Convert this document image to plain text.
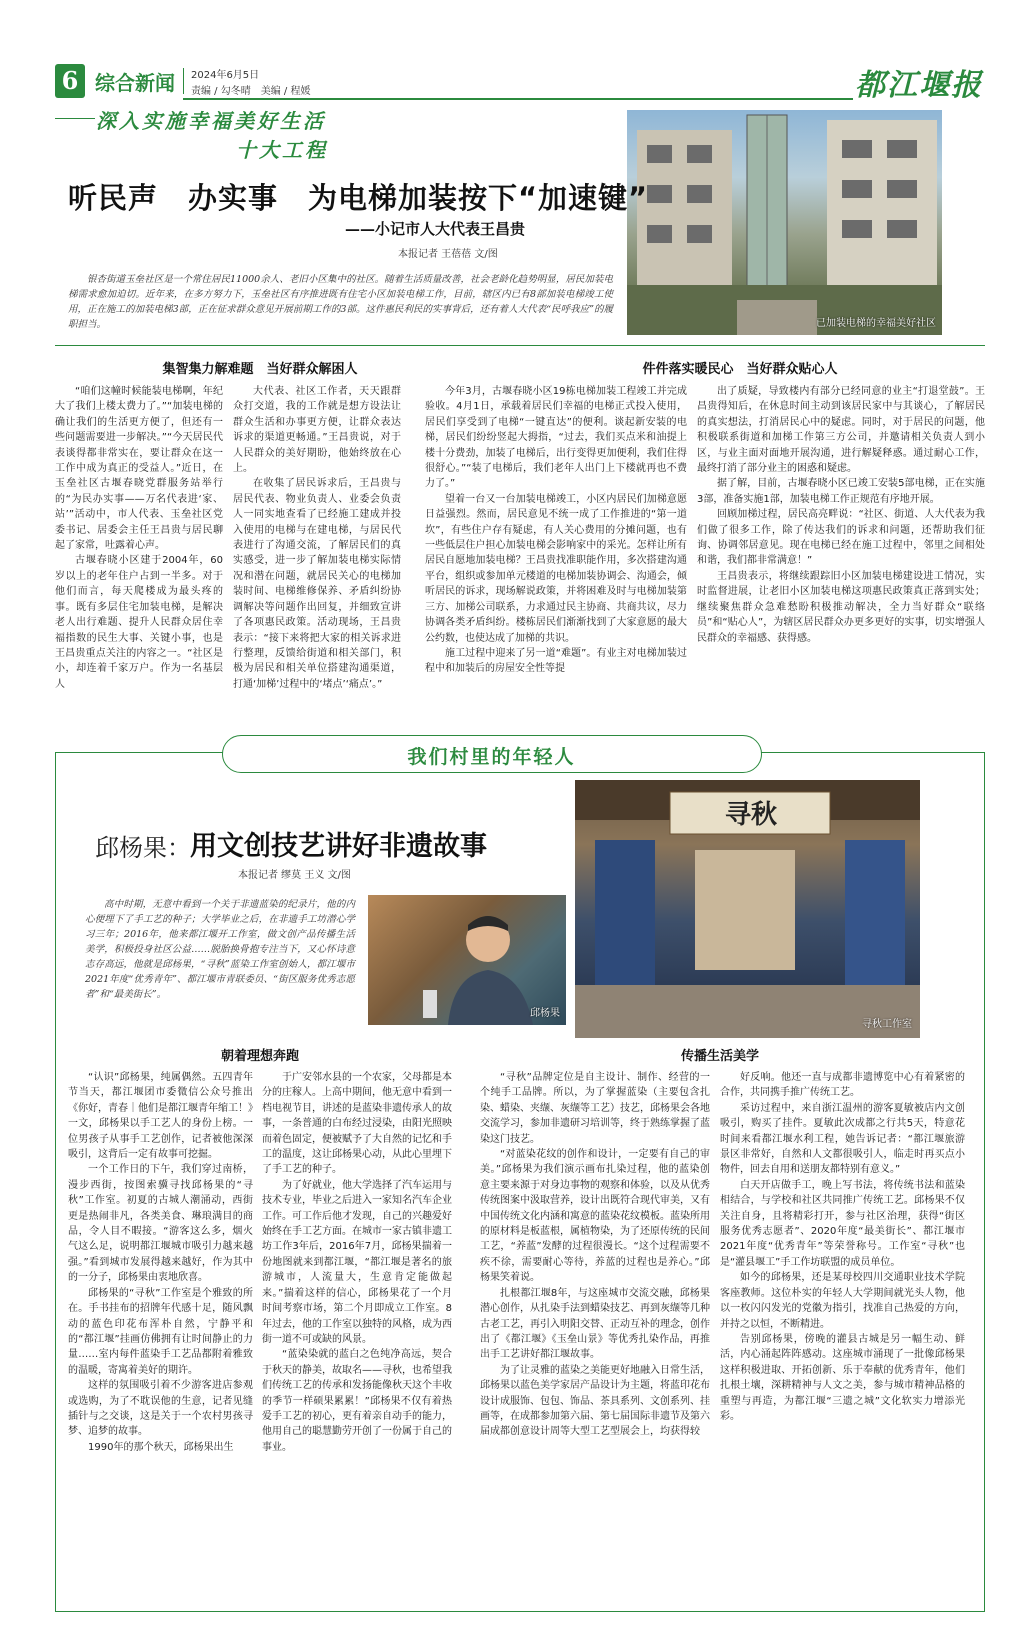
6 综合新闻 2024年6月5日
责编 / 勾冬晴　美编 / 程媛	都江堰报
深入实施幸福美好生活
十大工程
已加装电梯的幸福美好社区
听民声　办实事　为电梯加装按下“加速键”
——小记市人大代表王昌贵
本报记者 王蓓蓓 文/图
银杏街道玉垒社区是一个常住居民11000余人、老旧小区集中的社区。随着生活质量改善，社会老龄化趋势明显，居民加装电梯需求愈加迫切。近年来，在多方努力下，玉垒社区有序推进既有住宅小区加装电梯工作，目前，辖区内已有8部加装电梯竣工使用，正在施工的加装电梯3部，正在征求群众意见开展前期工作的3部。这件惠民利民的实事背后，还有着人大代表“民呼我应”的履职担当。
集智集力解难题　当好群众解困人	件件落实暖民心　当好群众贴心人

“咱们这幢时候能装电梯啊，年纪大了我们上楼太费力了。”“加装电梯的确让我们的生活更方便了，但还有一些问题需要进一步解决。”“今天居民代表谈得都非常实在，要让群众在这一工作中成为真正的受益人。”近日，在玉垒社区古堰春晓党群服务站举行的“为民办实事——万名代表进‘家、站’”活动中，市人代表、玉垒社区党委书记、居委会主任王昌贵与居民聊起了家常，吐露着心声。

古堰春晓小区建于2004年，60岁以上的老年住户占到一半多。对于他们而言，每天爬楼成为最头疼的事。既有多层住宅加装电梯，是解决老人出行难题、提升人民群众居住幸福指数的民生大事、关键小事，也是王昌贵重点关注的内容之一。“社区是小，却连着千家万户。作为一名基层人

大代表、社区工作者，天天跟群众打交道，我的工作就是想方设法让群众生活和办事更方便，让群众表达诉求的渠道更畅通。”王昌贵说，对于人民群众的美好期盼，他始终放在心上。

在收集了居民诉求后，王昌贵与居民代表、物业负责人、业委会负责人一同实地查看了已经施工建成并投入使用的电梯与在建电梯，与居民代表进行了沟通交流，了解居民们的真实感受，进一步了解加装电梯实际情况和潜在问题，就居民关心的电梯加装时间、电梯维修保养、矛盾纠纷协调解决等问题作出回复，并细致宣讲了各项惠民政策。活动现场，王昌贵表示：“接下来将把大家的相关诉求进行整理，反馈给街道和相关部门，积极为居民和相关单位搭建沟通渠道，打通‘加梯’过程中的‘堵点’‘痛点’。”

今年3月，古堰春晓小区19栋电梯加装工程竣工并完成验收。4月1日，承载着居民们幸福的电梯正式投入使用，居民们享受到了电梯“一键直达”的便利。谈起新安装的电梯，居民们纷纷竖起大拇指，“过去，我们买点米和油提上楼十分费劲，加装了电梯后，出行变得更加便利，我们住得很舒心。”“装了电梯后，我们老年人出门上下楼就再也不费力了。”

望着一台又一台加装电梯竣工，小区内居民们加梯意愿日益强烈。然而，居民意见不统一成了工作推进的“第一道坎”，有些住户存有疑虑，有人关心费用的分摊问题，也有一些低层住户担心加装电梯会影响家中的采光。怎样让所有居民自愿地加装电梯？王昌贵找准职能作用，多次搭建沟通平台，组织或参加单元楼道的电梯加装协调会、沟通会，倾听居民的诉求，现场解说政策，并将困难及时与电梯加装第三方、加梯公司联系，力求通过民主协商、共商共议，尽力协调各类矛盾纠纷。楼栋居民们渐渐找到了大家意愿的最大公约数，也使达成了加梯的共识。

施工过程中迎来了另一道“难题”。有业主对电梯加装过程中和加装后的房屋安全性等提

出了质疑，导致楼内有部分已经同意的业主“打退堂鼓”。王昌贵得知后，在休息时间主动到该居民家中与其谈心，了解居民的真实想法，打消居民心中的疑虑。同时，对于居民的问题，他积极联系街道和加梯工作第三方公司，并邀请相关负责人到小区，与业主面对面地开展沟通，进行解疑释惑。通过耐心工作，最终打消了部分业主的困惑和疑虑。

据了解，目前，古堰春晓小区已竣工安装5部电梯，正在实施3部，准备实施1部，加装电梯工作正规范有序地开展。

回顾加梯过程，居民高亮畔说：“社区、街道、人大代表为我们做了很多工作，除了传达我们的诉求和问题，还帮助我们征询、协调邻居意见。现在电梯已经在施工过程中，邻里之间相处和谐，我们都非常满意！”

王昌贵表示，将继续跟踪旧小区加装电梯建设进工情况，实时监督进展，让老旧小区加装电梯这项惠民政策真正落到实处；继续聚焦群众急难愁盼积极推动解决，全力当好群众“联络员”和“贴心人”，为辖区居民群众办更多更好的实事，切实增强人民群众的幸福感、获得感。

我们村里的年轻人
邱杨果： 用文创技艺讲好非遗故事
本报记者 缪莫 王义 文/图
寻秋
寻秋工作室
邱杨果
高中时期，无意中看到一个关于非遗蓝染的纪录片，他的内心便埋下了手工艺的种子；大学毕业之后，在非遗手工坊潜心学习三年；2016年，他来都江堰开工作室，做文创产品传播生活美学，积极投身社区公益……脱胎换骨抱专注当下，又心怀诗意志存高远，他就是邱杨果，“寻秋”蓝染工作室创始人，都江堰市2021年度“优秀青年”、都江堰市青联委员、“街区服务优秀志愿者”和“最美街长”。
朝着理想奔跑	传播生活美学

“认识”邱杨果，纯属偶然。五四青年节当天，都江堰团市委微信公众号推出《你好，青春｜他们是都江堰青年缩工！》一文，邱杨果以手工艺人的身份上榜。一位男孩子从事手工艺创作，记者被他深深吸引，这背后一定有故事可挖掘。

一个工作日的下午，我们穿过南桥，漫步西街，按图索骥寻找邱杨果的“寻秋”工作室。初夏的古城人潮涌动，西街更是热闹非凡，各类美食、琳琅满目的商品，令人目不暇接。“游客这么多，烟火气这么足，说明都江堰城市吸引力越来越强。”看到城市发展得越来越好，作为其中的一分子，邱杨果由衷地欣喜。

邱杨果的“寻秋”工作室是个雅致的所在。手书挂布的招牌年代感十足，随风飘动的蓝色印花布浑朴自然，宁静平和的“都江堰”挂画仿佛拥有让时间静止的力量……室内每件蓝染手工艺品都附着雅致的温暖，寄寓着美好的期许。

这样的氛围吸引着不少游客进店参观或选购，为了不耽误他的生意，记者见缝插针与之交谈，这是关于一个农村男孩寻梦、追梦的故事。

1990年的那个秋天，邱杨果出生

于广安邻水县的一个农家，父母都是本分的庄稼人。上高中期间，他无意中看到一档电视节目，讲述的是蓝染非遗传承人的故事，一条普通的白布经过浸染，由阳光照映而着色固定，便被赋予了大自然的记忆和手工的温度，这让邱杨果心动，从此心里埋下了手工艺的种子。

为了好就业，他大学选择了汽车运用与技术专业，毕业之后进入一家知名汽车企业工作。可工作后他才发现，自己的兴趣爱好始终在手工艺方面。在城市一家古镇非遗工坊工作3年后，2016年7月，邱杨果揣着一份地图就来到都江堰，“都江堰是著名的旅游城市，人流量大，生意肯定能做起来。”揣着这样的信心，邱杨果花了一个月时间考察市场，第二个月即成立工作室。8年过去，他的工作室以独特的风格，成为西街一道不可或缺的风景。

“蓝染染就的蓝白之色纯净高远，契合于秋天的静美，故取名——寻秋，也希望我们传统工艺的传承和发扬能像秋天这个丰收的季节一样硕果累累！”邱杨果不仅有着热爱手工艺的初心，更有着亲自动手的能力，他用自己的聪慧勤劳开创了一份属于自己的事业。

“寻秋”品牌定位是自主设计、制作、经营的一个纯手工品牌。所以，为了掌握蓝染（主要包含扎染、蜡染、夹缬、灰缬等工艺）技艺，邱杨果会各地交流学习，参加非遗研习培训等，终于熟练掌握了蓝染这门技艺。

“对蓝染花纹的创作和设计，一定要有自己的审美。”邱杨果为我们演示画布扎染过程，他的蓝染创意主要来源于对身边事物的观察和体验，以及从优秀传统图案中汲取营养，设计出既符合现代审美，又有中国传统文化内涵和寓意的蓝染花纹模板。蓝染所用的原材料是板蓝根，属植物染，为了还原传统的民间工艺，“养蓝”发酵的过程很漫长。“这个过程需要不疾不徐，需要耐心等待，养蓝的过程也是养心。”邱杨果笑着说。

扎根都江堰8年，与这座城市交流交融，邱杨果潜心创作，从扎染手法到蜡染技艺、再到灰缬等几种古老工艺，再引入明阳交替、正动互补的理念，创作出了《都江堰》《玉垒山景》等优秀扎染作品，再推出手工艺讲好都江堰故事。

为了让灵雅的蓝染之美能更好地融入日常生活，邱杨果以蓝色美学家居产品设计为主题，将蓝印花布设计成服饰、包包、饰品、茶具系列、文创系列、挂画等，在成都参加第六届、第七届国际非遗节及第六届成都创意设计周等大型工艺型展会上，均获得较

好反响。他还一直与成都非遗博览中心有着紧密的合作，共同携手推广传统工艺。

采访过程中，来自浙江温州的游客夏敏被店内文创吸引，购买了挂件。夏敏此次成都之行共5天，特意花时间来看都江堰水利工程，她告诉记者：“都江堰旅游景区非常好，自然和人文都很吸引人，临走时再买点小物件，回去自用和送朋友都特别有意义。”

白天开店做手工，晚上写书法，将传统书法和蓝染相结合，与学校和社区共同推广传统工艺。邱杨果不仅关注自身，且将精彩打开，参与社区治理，获得“街区服务优秀志愿者”、2020年度“最美街长”、都江堰市2021年度“优秀青年”等荣誉称号。工作室“寻秋”也是“灌县堰工”手工作坊联盟的成员单位。

如今的邱杨果，还是某母校四川交通职业技术学院客座教师。这位朴实的年轻人大学期间就光头人物，他以一枚闪闪发光的党徽为指引，找准自己热爱的方向，并持之以恒，不断精进。

告别邱杨果，傍晚的灌县古城是另一幅生动、鲜活，内心涌起阵阵感动。这座城市涌现了一批像邱杨果这样积极进取、开拓创新、乐于奉献的优秀青年，他们扎根土壤，深耕精神与人文之美，参与城市精神品格的重塑与再造，为都江堰“三遗之城”文化软实力增添光彩。
